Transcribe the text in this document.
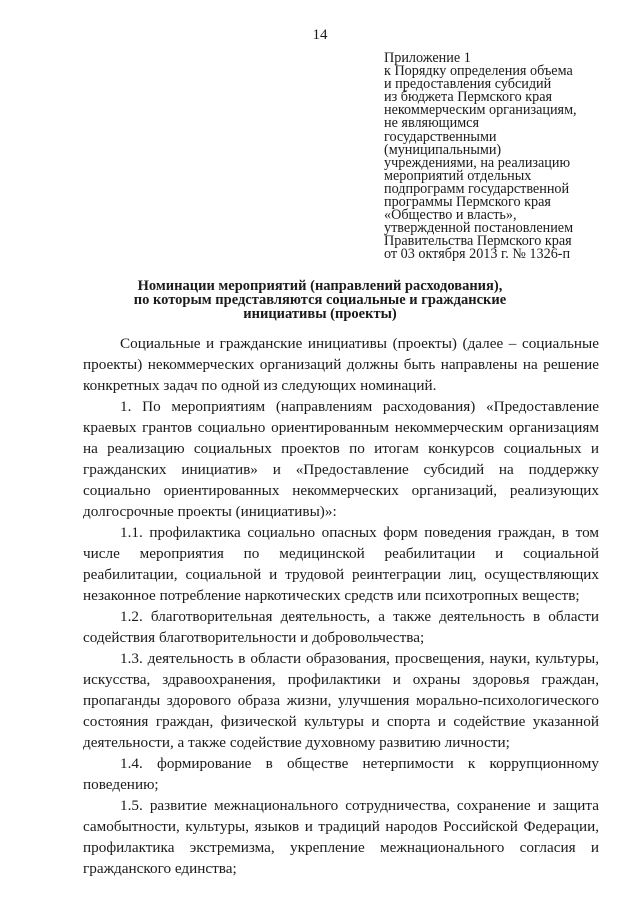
14
Приложение 1
к Порядку определения объема
и предоставления субсидий
из бюджета Пермского края
некоммерческим организациям,
не являющимся
государственными
(муниципальными)
учреждениями, на реализацию
мероприятий отдельных
подпрограмм государственной
программы Пермского края
«Общество и власть»,
утвержденной постановлением
Правительства Пермского края
от 03 октября 2013 г. № 1326-п
Номинации мероприятий (направлений расходования),
по которым представляются социальные и гражданские
инициативы (проекты)

Социальные и гражданские инициативы (проекты) (далее – социальные проекты) некоммерческих организаций должны быть направлены на решение конкретных задач по одной из следующих номинаций.

1. По мероприятиям (направлениям расходования) «Предоставление краевых грантов социально ориентированным некоммерческим организациям на реализацию социальных проектов по итогам конкурсов социальных и гражданских инициатив» и «Предоставление субсидий на поддержку социально ориентированных некоммерческих организаций, реализующих долгосрочные проекты (инициативы)»:

1.1. профилактика социально опасных форм поведения граждан, в том числе мероприятия по медицинской реабилитации и социальной реабилитации, социальной и трудовой реинтеграции лиц, осуществляющих незаконное потребление наркотических средств или психотропных веществ;

1.2. благотворительная деятельность, а также деятельность в области содействия благотворительности и добровольчества;

1.3. деятельность в области образования, просвещения, науки, культуры, искусства, здравоохранения, профилактики и охраны здоровья граждан, пропаганды здорового образа жизни, улучшения морально-психологического состояния граждан, физической культуры и спорта и содействие указанной деятельности, а также содействие духовному развитию личности;

1.4. формирование в обществе нетерпимости к коррупционному поведению;

1.5. развитие межнационального сотрудничества, сохранение и защита самобытности, культуры, языков и традиций народов Российской Федерации, профилактика экстремизма, укрепление межнационального согласия и гражданского единства;
